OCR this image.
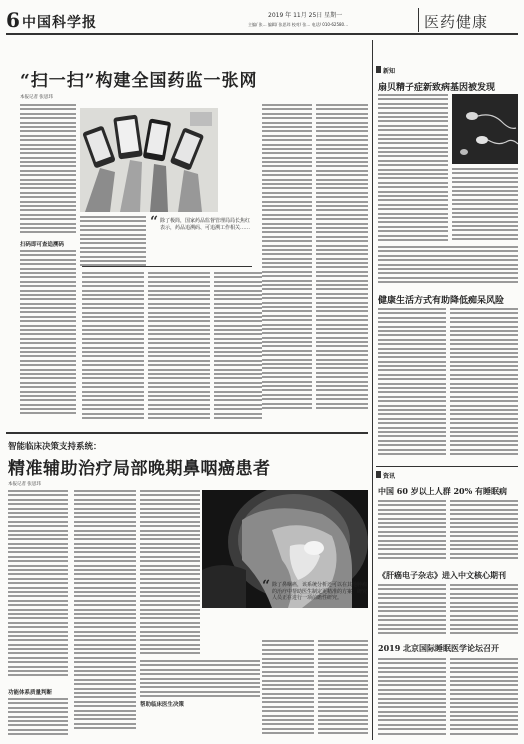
6 中国科学报	2019 年 11月 25日 星期一
主编/ 张… 编辑/ 张思玮 校对/ 张… 电话/ 010-62580…	医药健康
“扫一扫”构建全国药监一张网
本报记者 张思玮
扫码即可查追溯码
“ 除了极简，国家药品监督管理局局长焦红表示，药品追溯码、可追溯工作相关……
智能临床决策支持系统：
精准辅助治疗局部晚期鼻咽癌患者
本报记者 张思玮
功能体系质量判断
帮助临床医生决策
“ 除了鼻咽癌，该系统分析还可以在其他肿瘤的治疗中帮助医生制定更精准的方案，研究人员正在进行一项前瞻性研究。
新知
扇贝精子症新致病基因被发现
健康生活方式有助降低痴呆风险
资讯
中国 60 岁以上人群 20% 有睡眠病
《肝癌电子杂志》进入中文核心期刊
2019 北京国际睡眠医学论坛召开
